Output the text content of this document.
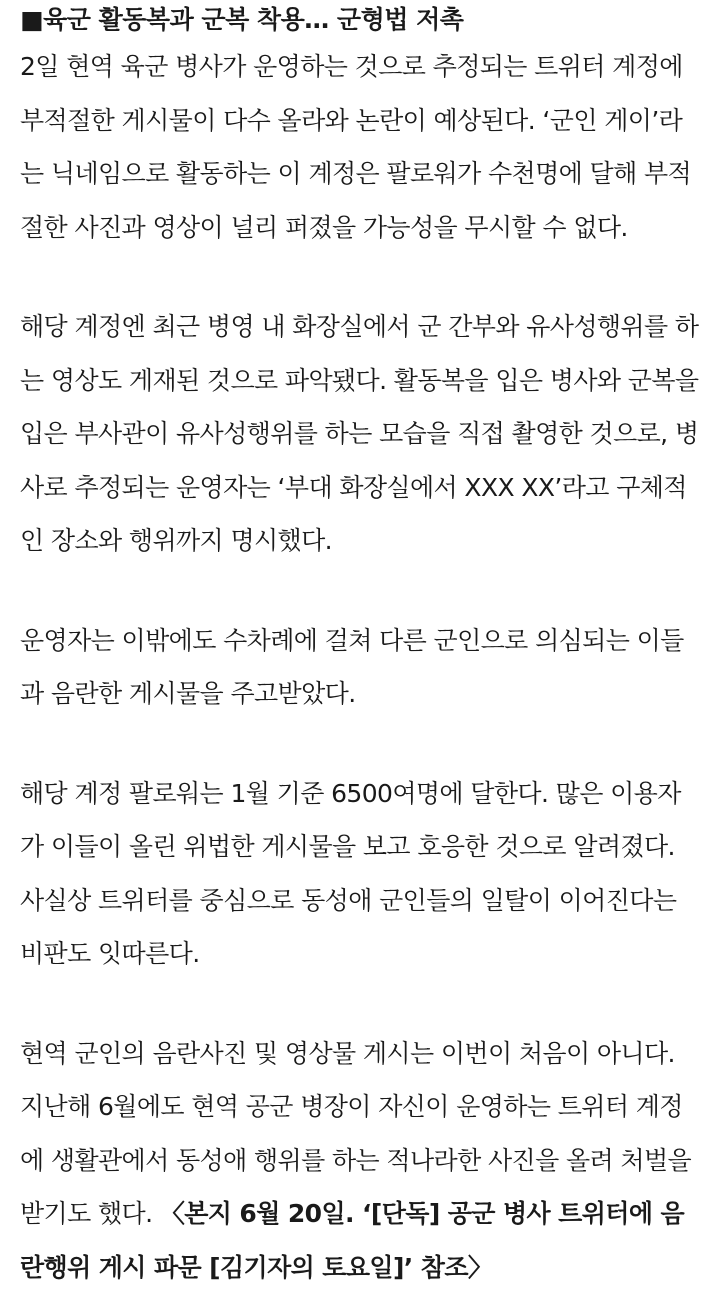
■육군 활동복과 군복 착용… 군형법 저촉

2일 현역 육군 병사가 운영하는 것으로 추정되는 트위터 계정에 부적절한 게시물이 다수 올라와 논란이 예상된다. ‘군인 게이’라는 닉네임으로 활동하는 이 계정은 팔로워가 수천명에 달해 부적절한 사진과 영상이 널리 퍼졌을 가능성을 무시할 수 없다.

해당 계정엔 최근 병영 내 화장실에서 군 간부와 유사성행위를 하는 영상도 게재된 것으로 파악됐다. 활동복을 입은 병사와 군복을 입은 부사관이 유사성행위를 하는 모습을 직접 촬영한 것으로, 병사로 추정되는 운영자는 ‘부대 화장실에서 XXX XX’라고 구체적인 장소와 행위까지 명시했다.

운영자는 이밖에도 수차례에 걸쳐 다른 군인으로 의심되는 이들과 음란한 게시물을 주고받았다.

해당 계정 팔로워는 1월 기준 6500여명에 달한다. 많은 이용자가 이들이 올린 위법한 게시물을 보고 호응한 것으로 알려졌다. 사실상 트위터를 중심으로 동성애 군인들의 일탈이 이어진다는 비판도 잇따른다.

현역 군인의 음란사진 및 영상물 게시는 이번이 처음이 아니다. 지난해 6월에도 현역 공군 병장이 자신이 운영하는 트위터 계정에 생활관에서 동성애 행위를 하는 적나라한 사진을 올려 처벌을 받기도 했다. 〈본지 6월 20일. ‘[단독] 공군 병사 트위터에 음란행위 게시 파문 [김기자의 토요일]’ 참조〉
